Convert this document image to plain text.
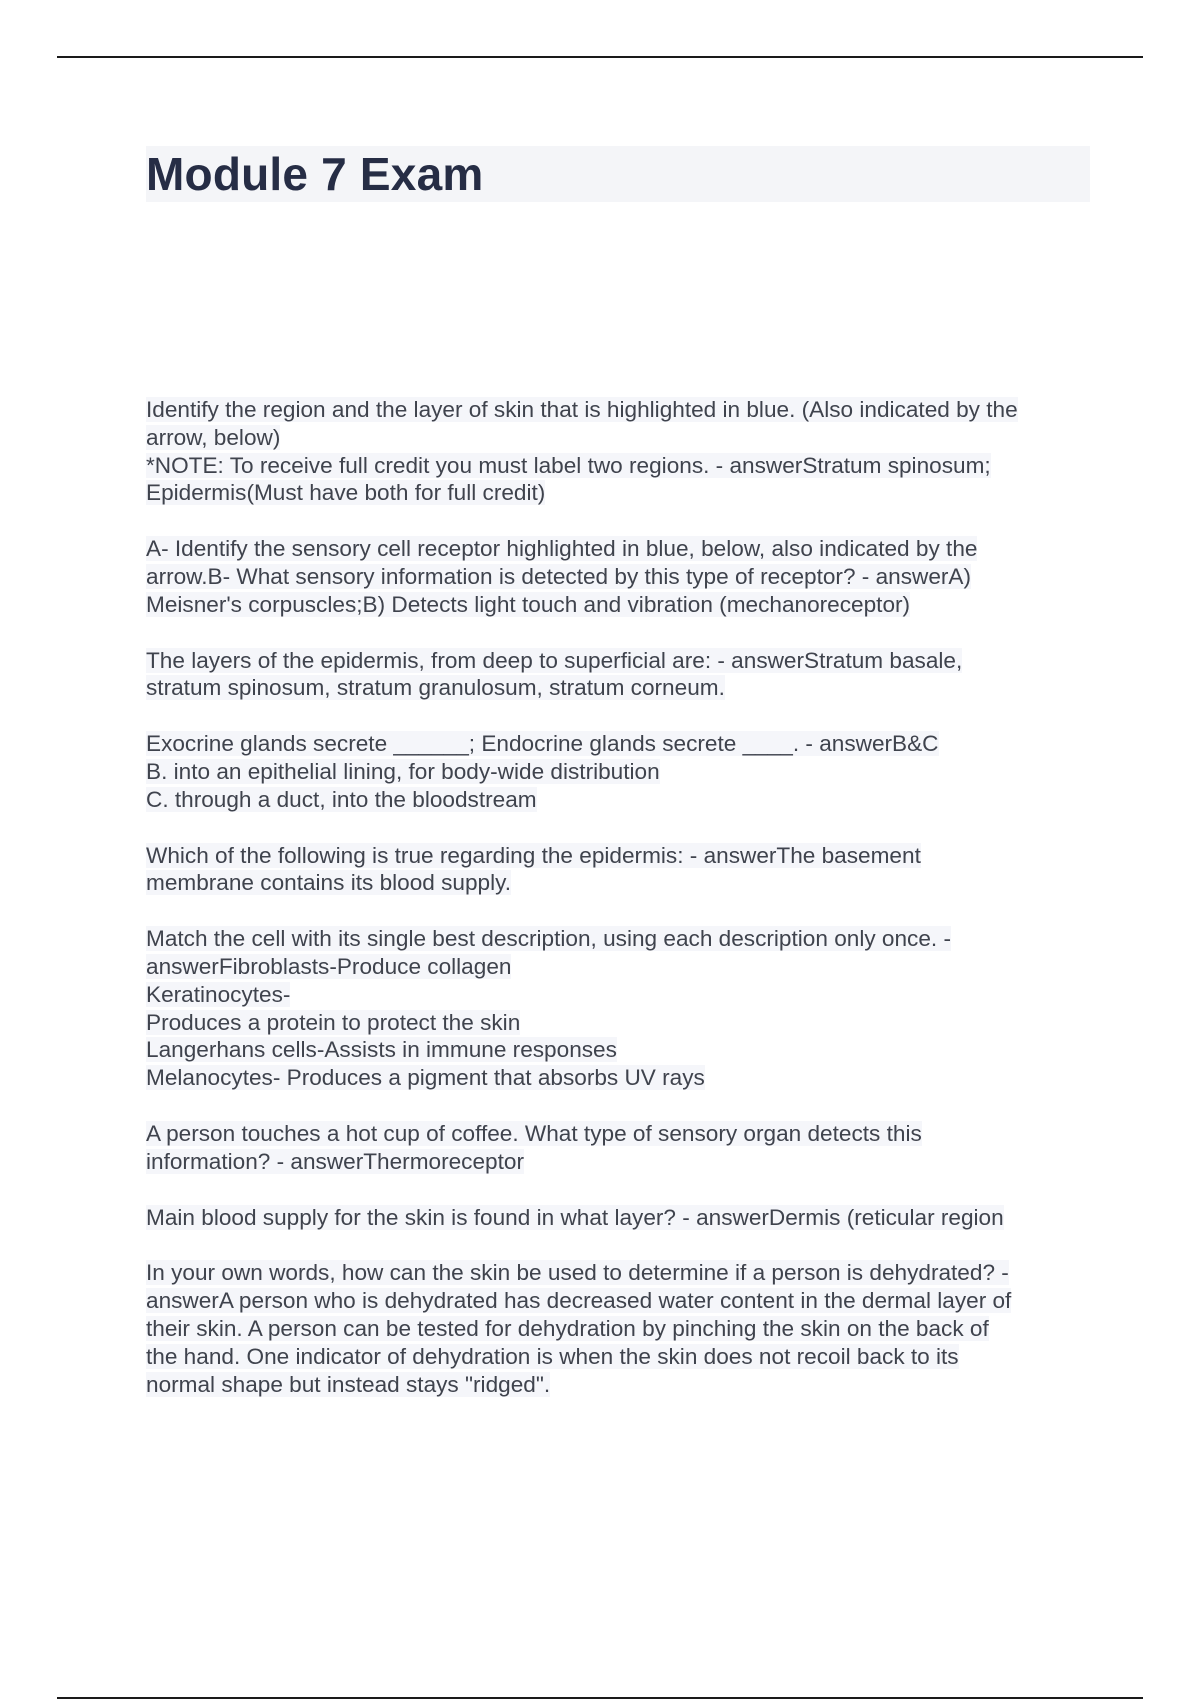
Module 7 Exam
Identify the region and the layer of skin that is highlighted in blue. (Also indicated by the
arrow, below)
*NOTE: To receive full credit you must label two regions. - answerStratum spinosum;
Epidermis(Must have both for full credit)
A- Identify the sensory cell receptor highlighted in blue, below, also indicated by the
arrow.B- What sensory information is detected by this type of receptor? - answerA)
Meisner's corpuscles;B) Detects light touch and vibration (mechanoreceptor)
The layers of the epidermis, from deep to superficial are: - answerStratum basale,
stratum spinosum, stratum granulosum, stratum corneum.
Exocrine glands secrete ______; Endocrine glands secrete ____. - answerB&C
B. into an epithelial lining, for body-wide distribution
C. through a duct, into the bloodstream
Which of the following is true regarding the epidermis: - answerThe basement
membrane contains its blood supply.
Match the cell with its single best description, using each description only once. -
answerFibroblasts-Produce collagen
Keratinocytes-
Produces a protein to protect the skin
Langerhans cells-Assists in immune responses
Melanocytes- Produces a pigment that absorbs UV rays
A person touches a hot cup of coffee. What type of sensory organ detects this
information? - answerThermoreceptor
Main blood supply for the skin is found in what layer? - answerDermis (reticular region
In your own words, how can the skin be used to determine if a person is dehydrated? -
answerA person who is dehydrated has decreased water content in the dermal layer of
their skin. A person can be tested for dehydration by pinching the skin on the back of
the hand. One indicator of dehydration is when the skin does not recoil back to its
normal shape but instead stays "ridged".
